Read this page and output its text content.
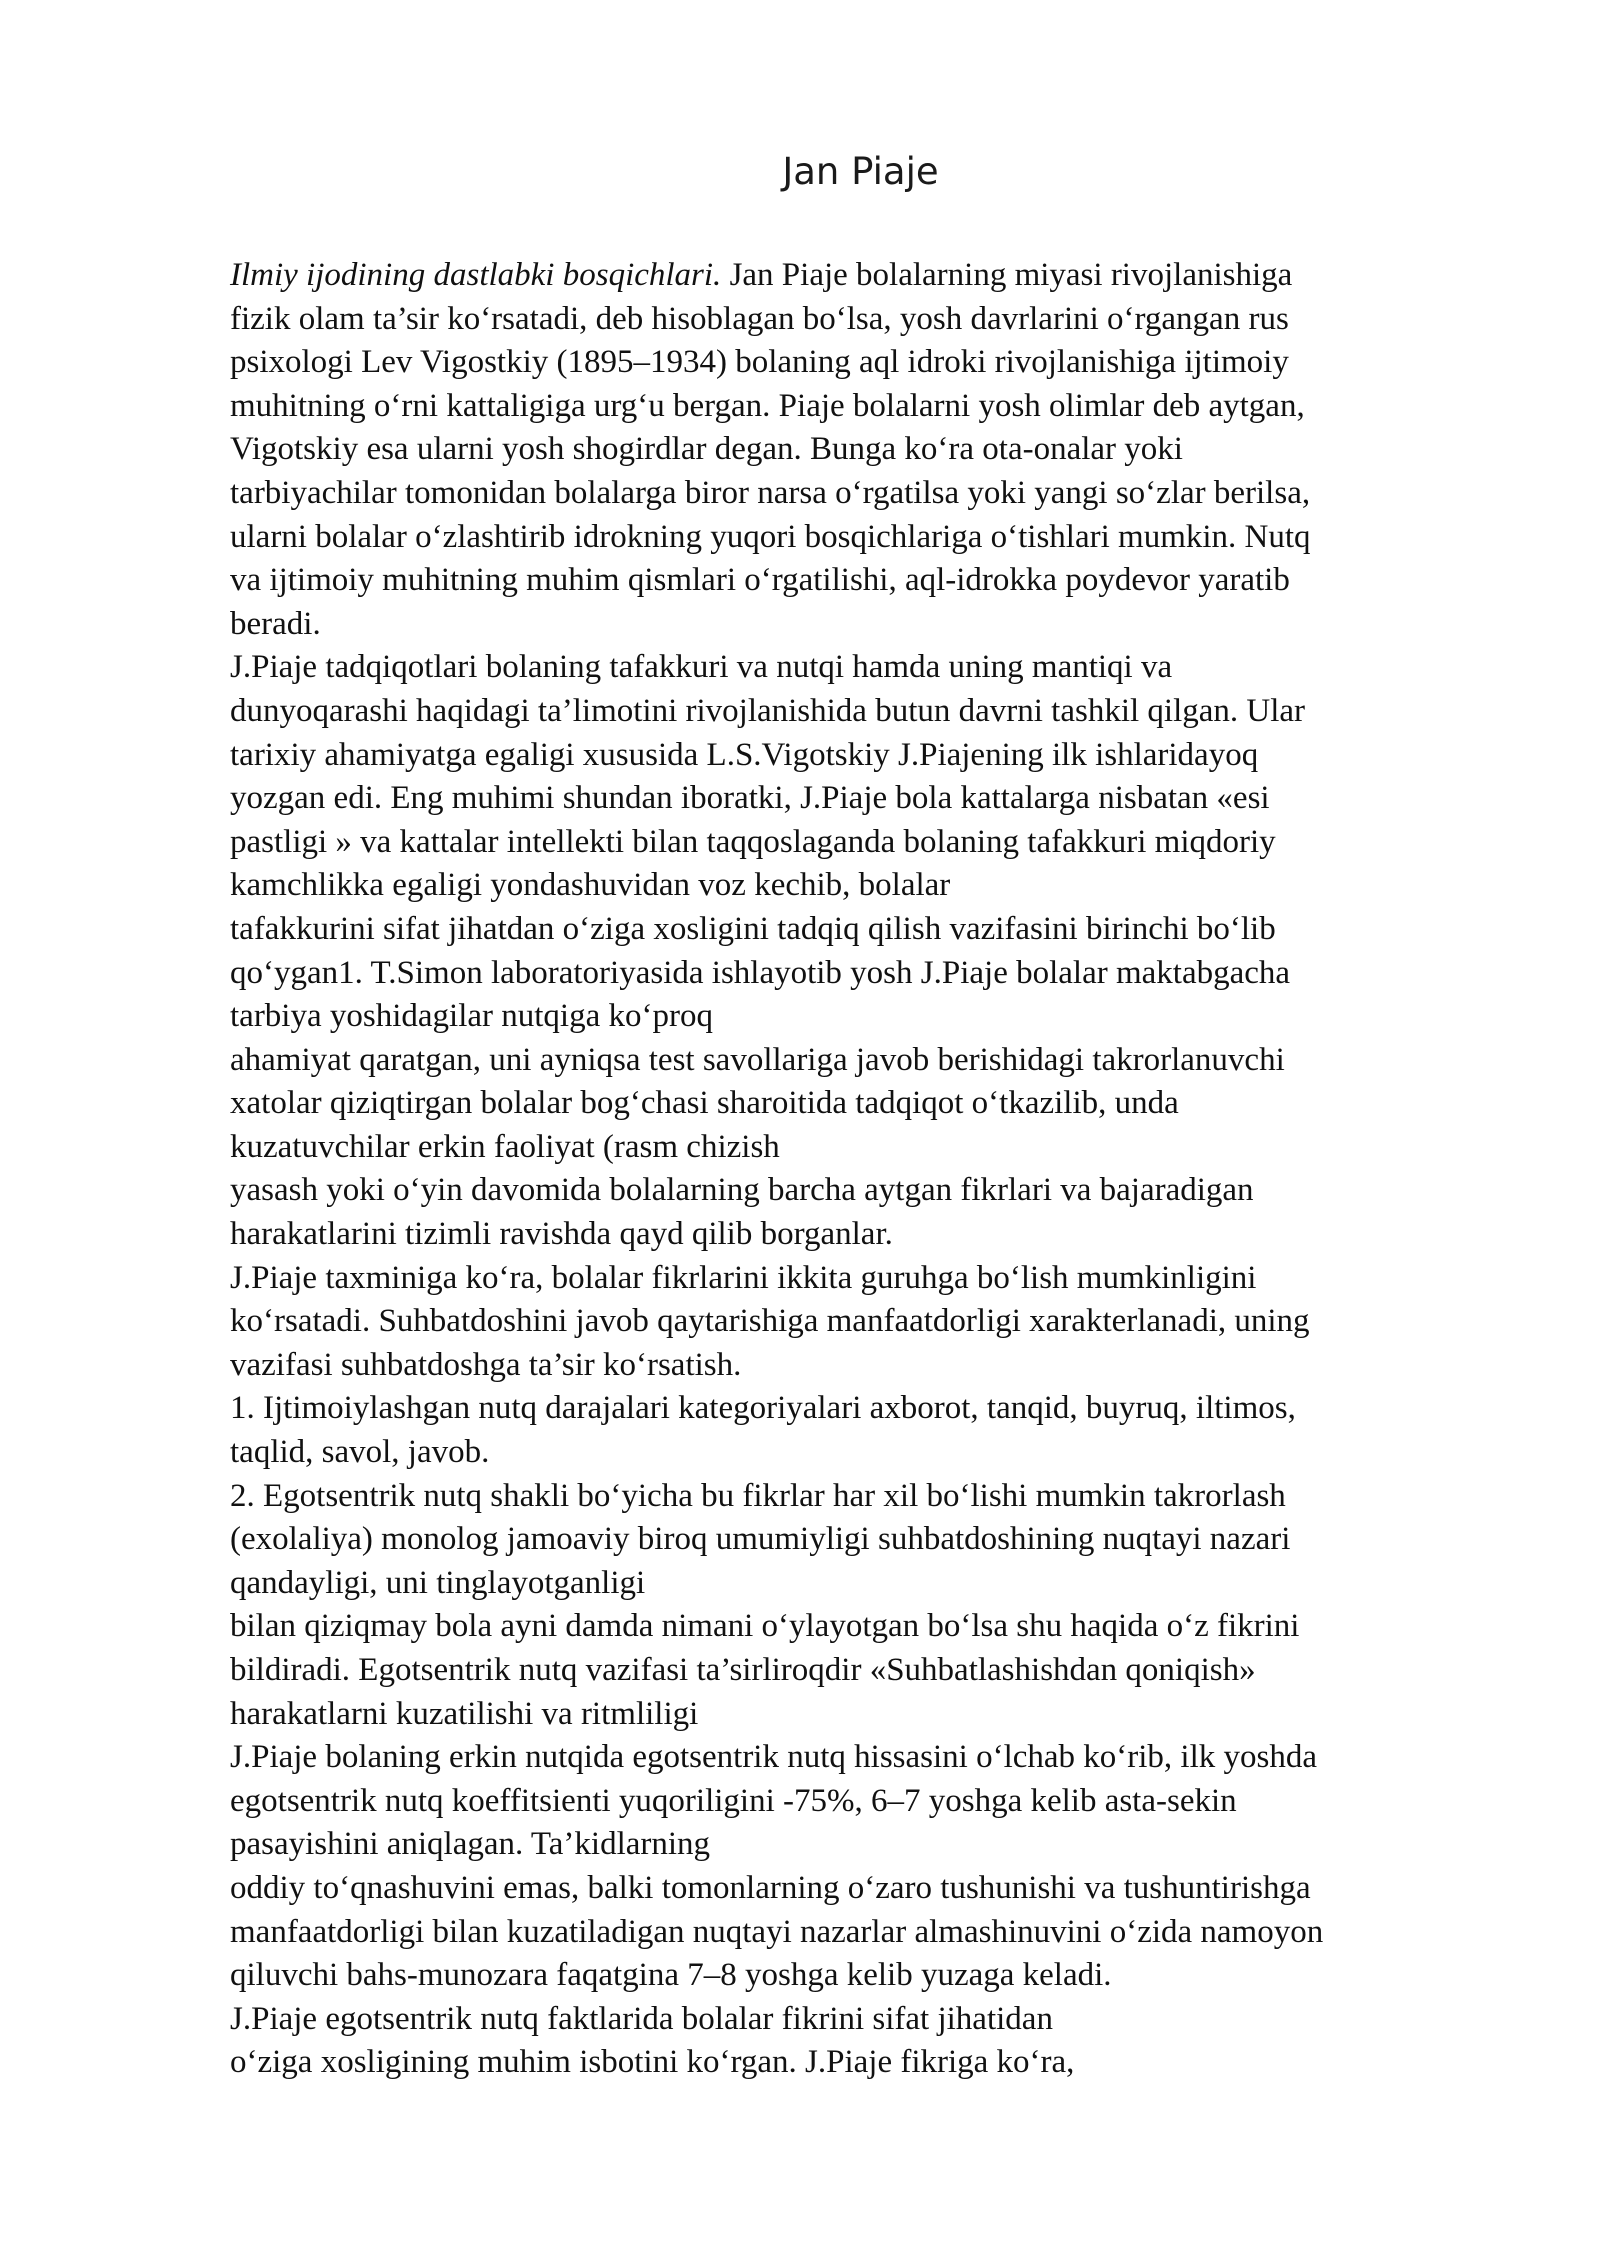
Jan Piaje
Ilmiy ijodining dastlabki bosqichlari. Jan Piaje bolalarning miyasi rivojlanishiga
fizik olam ta’sir ko‘rsatadi, deb hisoblagan bo‘lsa, yosh davrlarini o‘rgangan rus
psixologi Lev Vigostkiy (1895–1934) bolaning aql idroki rivojlanishiga ijtimoiy
muhitning o‘rni kattaligiga urg‘u bergan. Piaje bolalarni yosh olimlar deb aytgan,
Vigotskiy esa ularni yosh shogirdlar degan. Bunga ko‘ra ota-onalar yoki
tarbiyachilar tomonidan bolalarga biror narsa o‘rgatilsa yoki yangi so‘zlar berilsa,
ularni bolalar o‘zlashtirib idrokning yuqori bosqichlariga o‘tishlari mumkin. Nutq
va ijtimoiy muhitning muhim qismlari o‘rgatilishi, aql-idrokka poydevor yaratib
beradi.
J.Piaje tadqiqotlari bolaning tafakkuri va nutqi hamda uning mantiqi va
dunyoqarashi haqidagi ta’limotini rivojlanishida butun davrni tashkil qilgan. Ular
tarixiy ahamiyatga egaligi xususida L.S.Vigotskiy J.Piajening ilk ishlaridayoq
yozgan edi. Eng muhimi shundan iboratki, J.Piaje bola kattalarga nisbatan «esi
pastligi » va kattalar intellekti bilan taqqoslaganda bolaning tafakkuri miqdoriy
kamchlikka egaligi yondashuvidan voz kechib, bolalar
tafakkurini sifat jihatdan o‘ziga xosligini tadqiq qilish vazifasini birinchi bo‘lib
qo‘ygan1. T.Simon laboratoriyasida ishlayotib yosh J.Piaje bolalar maktabgacha
tarbiya yoshidagilar nutqiga ko‘proq
ahamiyat qaratgan, uni ayniqsa test savollariga javob berishidagi takrorlanuvchi
xatolar qiziqtirgan bolalar bog‘chasi sharoitida tadqiqot o‘tkazilib, unda
kuzatuvchilar erkin faoliyat (rasm chizish
yasash yoki o‘yin davomida bolalarning barcha aytgan fikrlari va bajaradigan
harakatlarini tizimli ravishda qayd qilib borganlar.
J.Piaje taxminiga ko‘ra, bolalar fikrlarini ikkita guruhga bo‘lish mumkinligini
ko‘rsatadi. Suhbatdoshini javob qaytarishiga manfaatdorligi xarakterlanadi, uning
vazifasi suhbatdoshga ta’sir ko‘rsatish.
1. Ijtimoiylashgan nutq darajalari kategoriyalari axborot, tanqid, buyruq, iltimos,
taqlid, savol, javob.
2. Egotsentrik nutq shakli bo‘yicha bu fikrlar har xil bo‘lishi mumkin takrorlash
(exolaliya) monolog jamoaviy biroq umumiyligi suhbatdoshining nuqtayi nazari
qandayligi, uni tinglayotganligi
bilan qiziqmay bola ayni damda nimani o‘ylayotgan bo‘lsa shu haqida o‘z fikrini
bildiradi. Egotsentrik nutq vazifasi ta’sirliroqdir «Suhbatlashishdan qoniqish»
harakatlarni kuzatilishi va ritmliligi
J.Piaje bolaning erkin nutqida egotsentrik nutq hissasini o‘lchab ko‘rib, ilk yoshda
egotsentrik nutq koeffitsienti yuqoriligini -75%, 6–7 yoshga kelib asta-sekin
pasayishini aniqlagan. Ta’kidlarning
oddiy to‘qnashuvini emas, balki tomonlarning o‘zaro tushunishi va tushuntirishga
manfaatdorligi bilan kuzatiladigan nuqtayi nazarlar almashinuvini o‘zida namoyon
qiluvchi bahs-munozara faqatgina 7–8 yoshga kelib yuzaga keladi.
J.Piaje egotsentrik nutq faktlarida bolalar fikrini sifat jihatidan
o‘ziga xosligining muhim isbotini ko‘rgan. J.Piaje fikriga ko‘ra,
